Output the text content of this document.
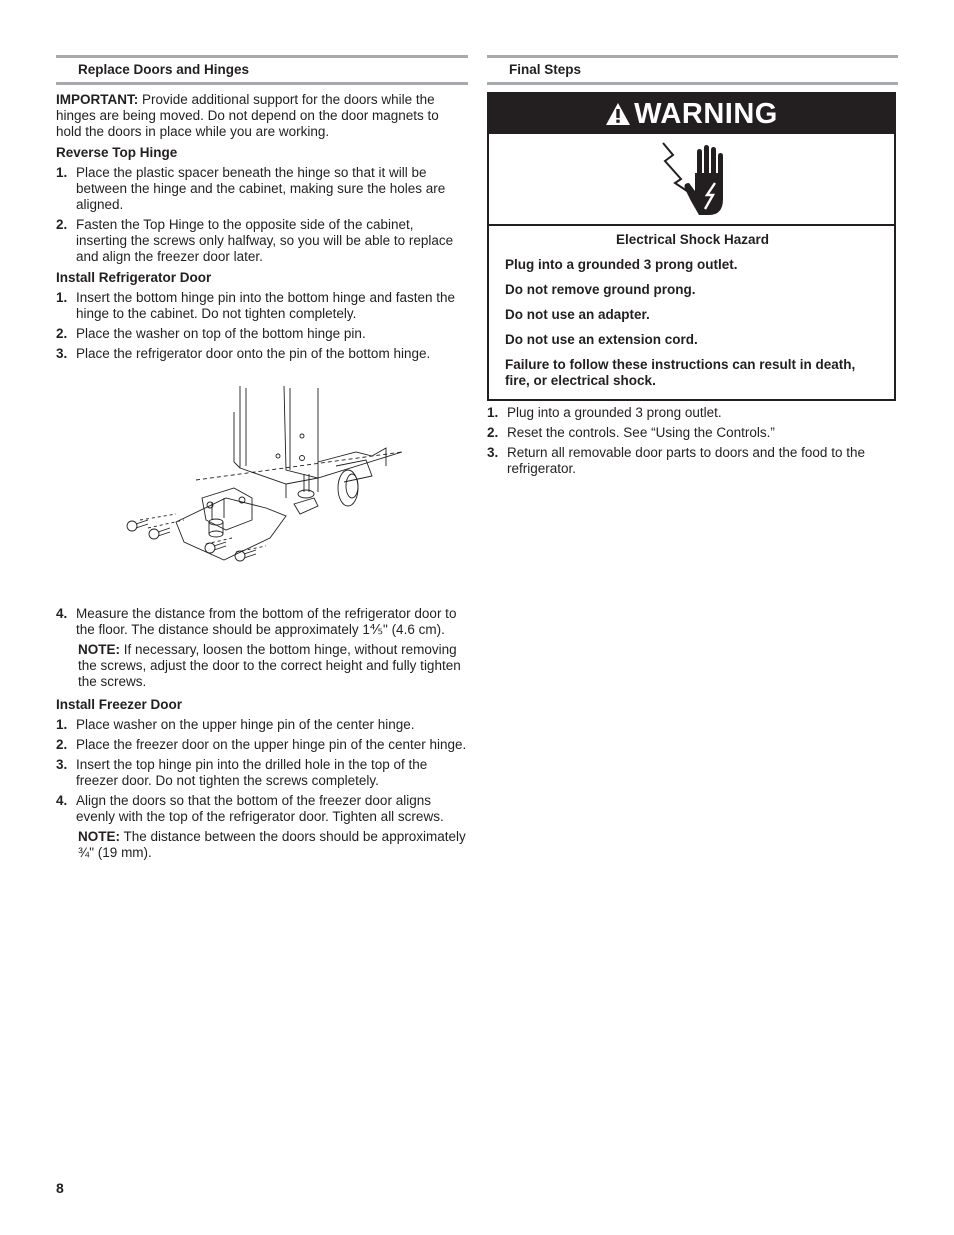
Replace Doors and Hinges

IMPORTANT: Provide additional support for the doors while the hinges are being moved. Do not depend on the door magnets to hold the doors in place while you are working.

Reverse Top Hinge
1. Place the plastic spacer beneath the hinge so that it will be between the hinge and the cabinet, making sure the holes are aligned.
2. Fasten the Top Hinge to the opposite side of the cabinet, inserting the screws only halfway, so you will be able to replace and align the freezer door later.
Install Refrigerator Door
1. Insert the bottom hinge pin into the bottom hinge and fasten the hinge to the cabinet. Do not tighten completely.
2. Place the washer on top of the bottom hinge pin.
3. Place the refrigerator door onto the pin of the bottom hinge.
4. Measure the distance from the bottom of the refrigerator door to the floor. The distance should be approximately 1⅘" (4.6 cm).

NOTE: If necessary, loosen the bottom hinge, without removing the screws, adjust the door to the correct height and fully tighten the screws.

Install Freezer Door
1. Place washer on the upper hinge pin of the center hinge.
2. Place the freezer door on the upper hinge pin of the center hinge.
3. Insert the top hinge pin into the drilled hole in the top of the freezer door. Do not tighten the screws completely.
4. Align the doors so that the bottom of the freezer door aligns evenly with the top of the refrigerator door. Tighten all screws.

NOTE: The distance between the doors should be approximately ¾" (19 mm).

Final Steps
WARNING
Electrical Shock Hazard
Plug into a grounded 3 prong outlet.
Do not remove ground prong.
Do not use an adapter.
Do not use an extension cord.
Failure to follow these instructions can result in death, fire, or electrical shock.
1. Plug into a grounded 3 prong outlet.
2. Reset the controls. See “Using the Controls.”
3. Return all removable door parts to doors and the food to the refrigerator.
8
